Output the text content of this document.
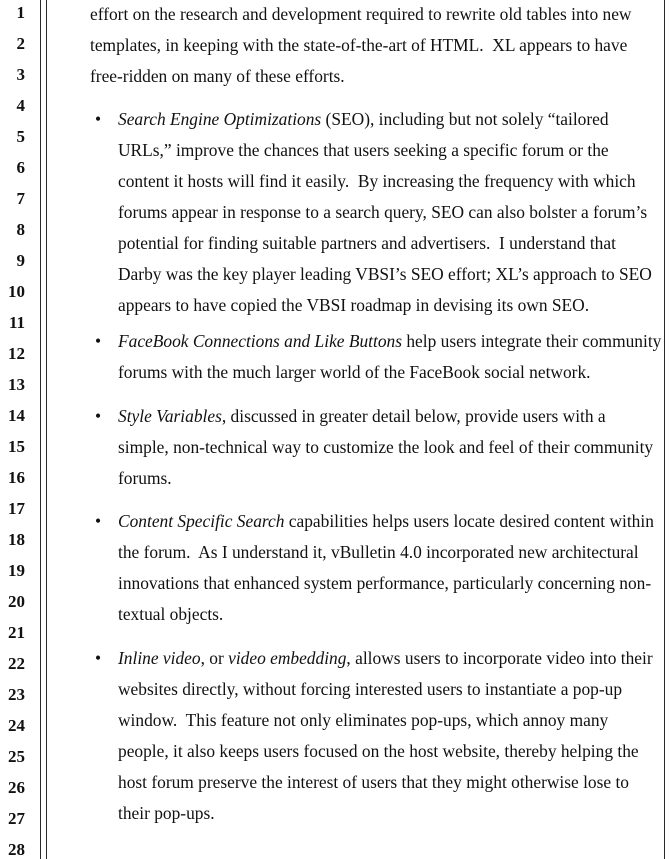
1
2
3
4
5
6
7
8
9
10
11
12
13
14
15
16
17
18
19
20
21
22
23
24
25
26
27
28
effort on the research and development required to rewrite old tables into new
templates, in keeping with the state-of-the-art of HTML.  XL appears to have
free-ridden on many of these efforts.
• Search Engine Optimizations (SEO), including but not solely “tailored
URLs,” improve the chances that users seeking a specific forum or the
content it hosts will find it easily.  By increasing the frequency with which
forums appear in response to a search query, SEO can also bolster a forum’s
potential for finding suitable partners and advertisers.  I understand that
Darby was the key player leading VBSI’s SEO effort; XL’s approach to SEO
appears to have copied the VBSI roadmap in devising its own SEO.
• FaceBook Connections and Like Buttons help users integrate their community
forums with the much larger world of the FaceBook social network.
• Style Variables, discussed in greater detail below, provide users with a
simple, non-technical way to customize the look and feel of their community
forums.
• Content Specific Search capabilities helps users locate desired content within
the forum.  As I understand it, vBulletin 4.0 incorporated new architectural
innovations that enhanced system performance, particularly concerning non-
textual objects.
• Inline video, or video embedding, allows users to incorporate video into their
websites directly, without forcing interested users to instantiate a pop-up
window.  This feature not only eliminates pop-ups, which annoy many
people, it also keeps users focused on the host website, thereby helping the
host forum preserve the interest of users that they might otherwise lose to
their pop-ups.
